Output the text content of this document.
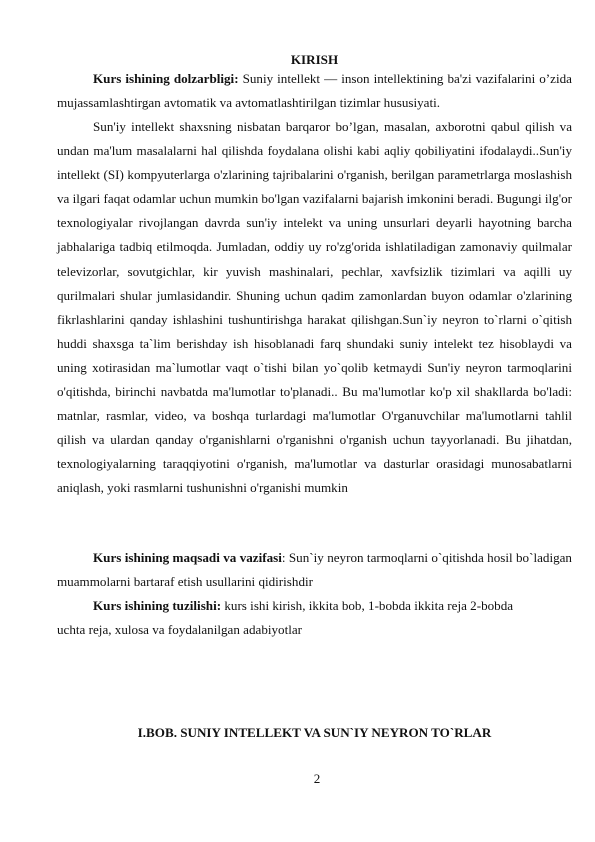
KIRISH

Kurs ishining dolzarbligi: Suniy intellekt — inson intellektining ba'zi vazifalarini o’zida mujassamlashtirgan avtomatik va avtomatlashtirilgan tizimlar hususiyati.

Sun'iy intellekt shaxsning nisbatan barqaror bo’lgan, masalan, axborotni qabul qilish va undan ma'lum masalalarni hal qilishda foydalana olishi kabi aqliy qobiliyatini ifodalaydi..Sun'iy intellekt (SI) kompyuterlarga o'zlarining tajribalarini o'rganish, berilgan parametrlarga moslashish va ilgari faqat odamlar uchun mumkin bo'lgan vazifalarni bajarish imkonini beradi. Bugungi ilg'or texnologiyalar rivojlangan davrda sun'iy intelekt va uning unsurlari deyarli hayotning barcha jabhalariga tadbiq etilmoqda. Jumladan, oddiy uy ro'zg'orida ishlatiladigan zamonaviy quilmalar televizorlar, sovutgichlar, kir yuvish mashinalari, pechlar, xavfsizlik tizimlari va aqilli uy qurilmalari shular jumlasidandir. Shuning uchun qadim zamonlardan buyon odamlar o'zlarining fikrlashlarini qanday ishlashini tushuntirishga harakat qilishgan.Sun`iy neyron to`rlarni o`qitish huddi shaxsga ta`lim berishday ish hisoblanadi farq shundaki suniy intelekt tez hisoblaydi va uning xotirasidan ma`lumotlar vaqt o`tishi bilan yo`qolib ketmaydi Sun'iy neyron tarmoqlarini o'qitishda, birinchi navbatda ma'lumotlar to'planadi.. Bu ma'lumotlar ko'p xil shakllarda bo'ladi: matnlar, rasmlar, video, va boshqa turlardagi ma'lumotlar O'rganuvchilar ma'lumotlarni tahlil qilish va ulardan qanday o'rganishlarni o'rganishni o'rganish uchun tayyorlanadi. Bu jihatdan, texnologiyalarning taraqqiyotini o'rganish, ma'lumotlar va dasturlar orasidagi munosabatlarni aniqlash, yoki rasmlarni tushunishni o'rganishi mumkin

Kurs ishining maqsadi va vazifasi: Sun`iy neyron tarmoqlarni o`qitishda hosil bo`ladigan muammolarni bartaraf etish usullarini qidirishdir

Kurs ishining tuzilishi: kurs ishi kirish, ikkita bob, 1-bobda ikkita reja 2-bobda
uchta reja, xulosa va foydalanilgan adabiyotlar
I.BOB. SUNIY INTELLEKT VA SUN`IY NEYRON TO`RLAR
2
